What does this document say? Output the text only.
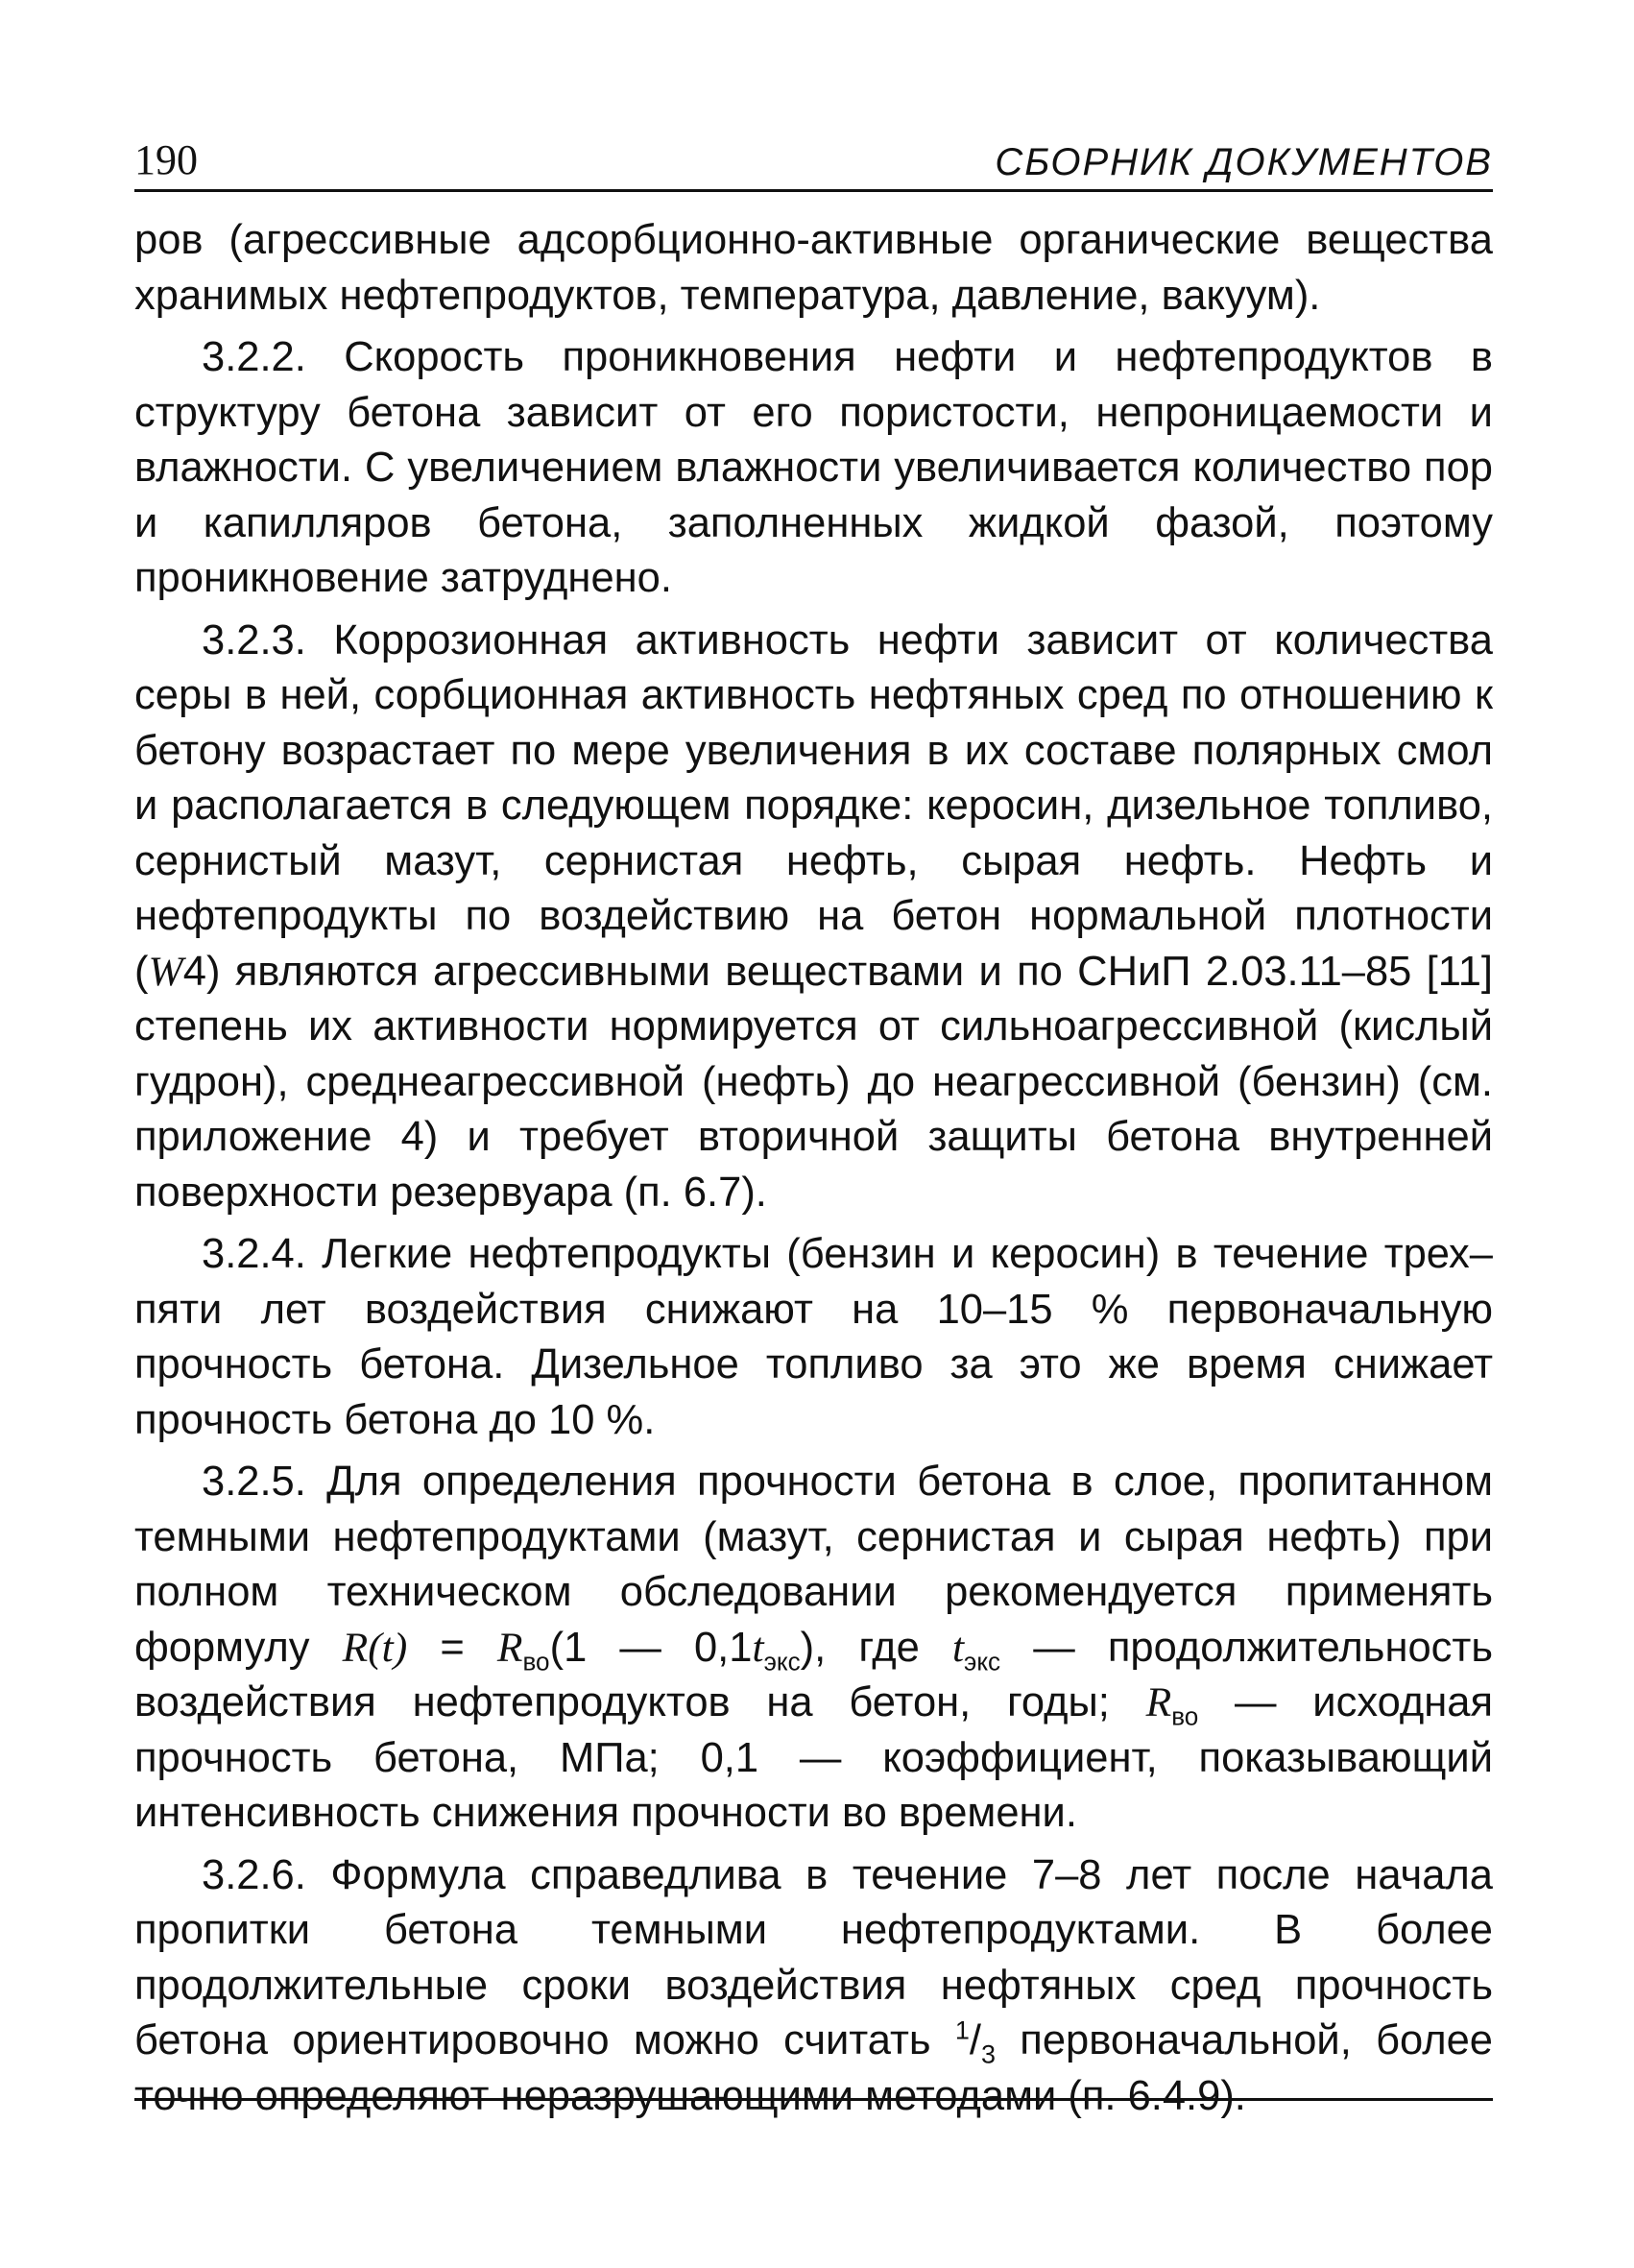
190	СБОРНИК ДОКУМЕНТОВ

ров (агрессивные адсорбционно-активные органические вещества хранимых нефтепродуктов, температура, давление, вакуум).

3.2.2. Скорость проникновения нефти и нефтепродуктов в структуру бетона зависит от его пористости, непроницаемости и влажности. С увеличением влажности увеличивается количество пор и капилляров бетона, заполненных жидкой фазой, поэтому проникновение затруднено.

3.2.3. Коррозионная активность нефти зависит от количества серы в ней, сорбционная активность нефтяных сред по отношению к бетону возрастает по мере увеличения в их составе полярных смол и располагается в следующем порядке: керосин, дизельное топливо, сернистый мазут, сернистая нефть, сырая нефть. Нефть и нефтепродукты по воздействию на бетон нормальной плотности (W4) являются агрессивными веществами и по СНиП 2.03.11–85 [11] степень их активности нормируется от сильноагрессивной (кислый гудрон), среднеагрессивной (нефть) до неагрессивной (бензин) (см. приложение 4) и требует вторичной защиты бетона внутренней поверхности резервуара (п. 6.7).

3.2.4. Легкие нефтепродукты (бензин и керосин) в течение трех–пяти лет воздействия снижают на 10–15 % первоначальную прочность бетона. Дизельное топливо за это же время снижает прочность бетона до 10 %.

3.2.5. Для определения прочности бетона в слое, пропитанном темными нефтепродуктами (мазут, сернистая и сырая нефть) при полном техническом обследовании рекомендуется применять формулу $R(t) = R_{во}(1$ — $0,1t_{экс}$), где $t_{экс}$ — продолжительность воздействия нефтепродуктов на бетон, годы; $R_{во}$ — исходная прочность бетона, МПа; 0,1 — коэффициент, показывающий интенсивность снижения прочности во времени.

3.2.6. Формула справедлива в течение 7–8 лет после начала пропитки бетона темными нефтепродуктами. В более продолжительные сроки воздействия нефтяных сред прочность бетона ориентировочно можно считать $^1/_3$ первоначальной, более точно определяют неразрушающими методами (п. 6.4.9).
